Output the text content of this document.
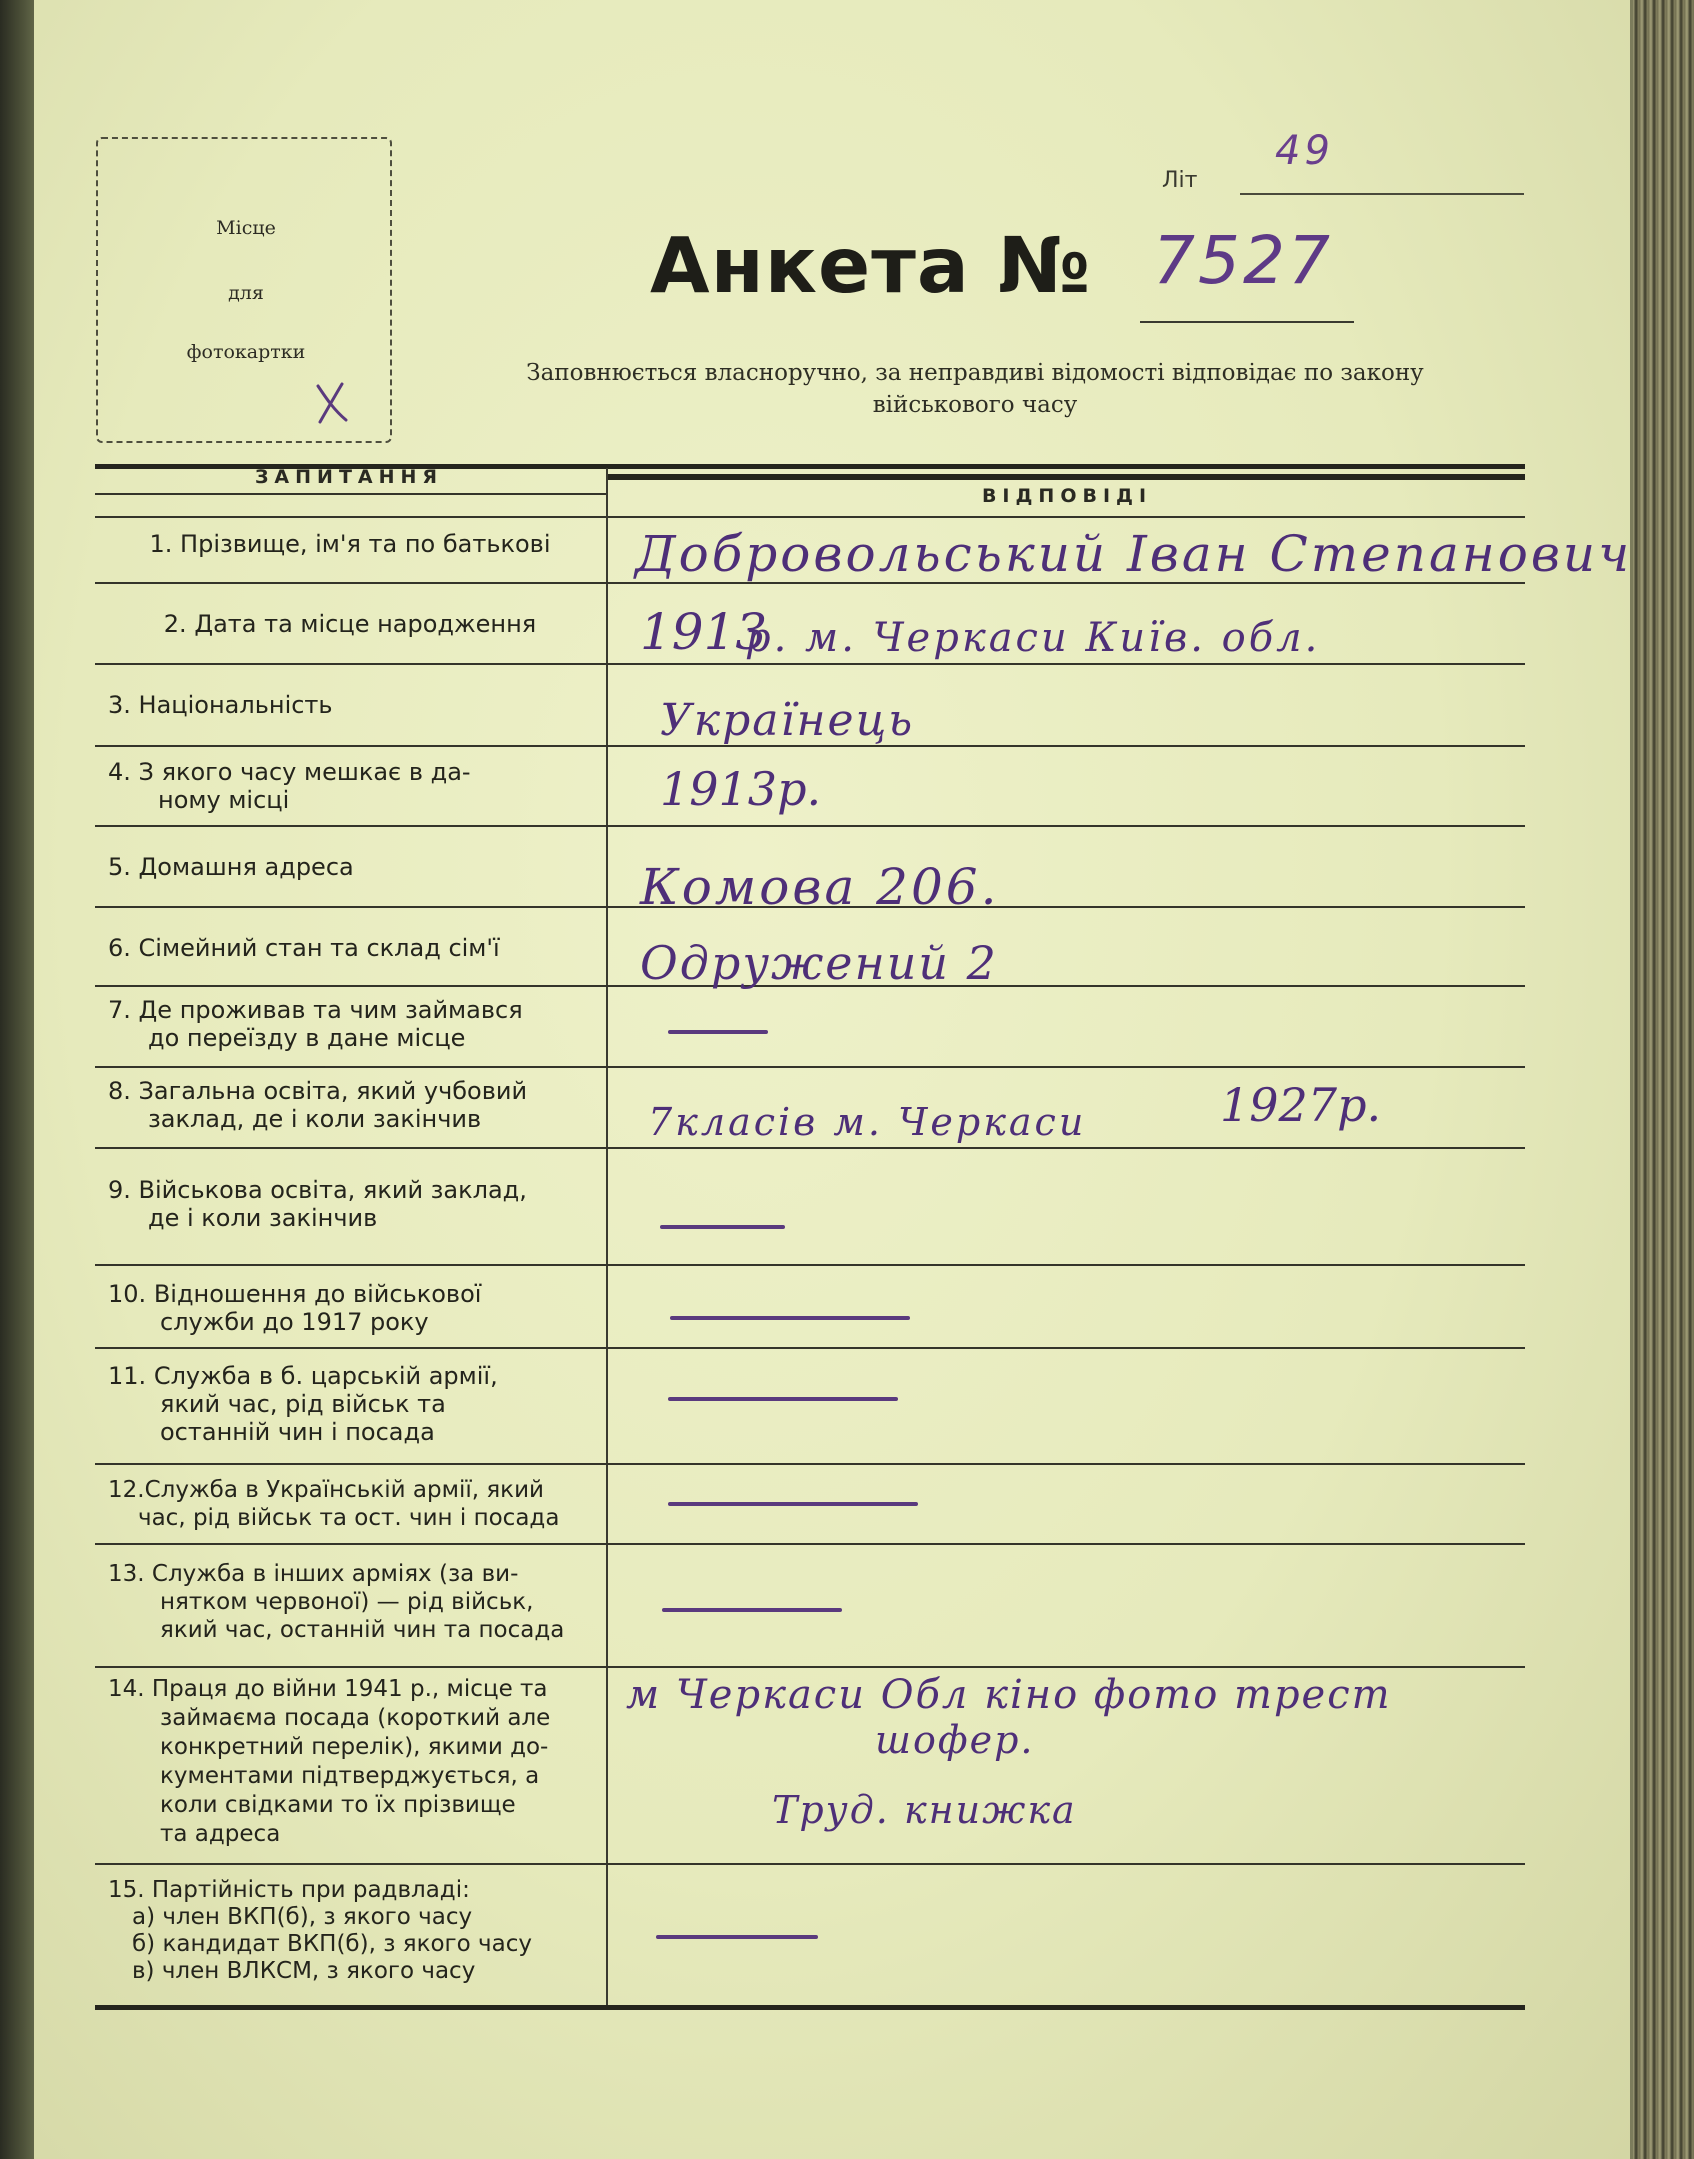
Місце
для
фотокартки
Літ
49
Анкета № 7527
Заповнюється власноручно, за неправдиві відомості відповідає по закону
військового часу
ЗАПИТАННЯ
ВІДПОВІДІ
1. Прізвище, ім'я та по батькові
2. Дата та місце народження
3. Національність
4. З якого часу мешкає в да-
ному місці
5. Домашня адреса
6. Сімейний стан та склад сім'ї
7. Де проживав та чим займався
до переїзду в дане місце
8. Загальна освіта, який учбовий
заклад, де і коли закінчив
9. Військова освіта, який заклад,
де і коли закінчив
10. Відношення до військової
служби до 1917 року
11. Служба в б. царській армії,
який час, рід військ та
останній чин і посада
12.Служба в Українській армії, який
час, рід військ та ост. чин і посада
13. Служба в інших арміях (за ви-
нятком червоної) — рід військ,
який час, останній чин та посада
14. Праця до війни 1941 р., місце та
займаєма посада (короткий але
конкретний перелік), якими до-
кументами підтверджується, а
коли свідками то їх прізвище
та адреса
15. Партійність при радвладі:
а) член ВКП(б), з якого часу
б) кандидат ВКП(б), з якого часу
в) член ВЛКСМ, з якого часу
Добровольський Іван Степанович
1913
р. м. Черкаси Київ. обл.
Українець
1913р.
Комова 206.
Одружений 2
7класів м. Черкаси	1927р.
м Черкаси Обл кіно фото трест
шофер.
Труд. книжка
